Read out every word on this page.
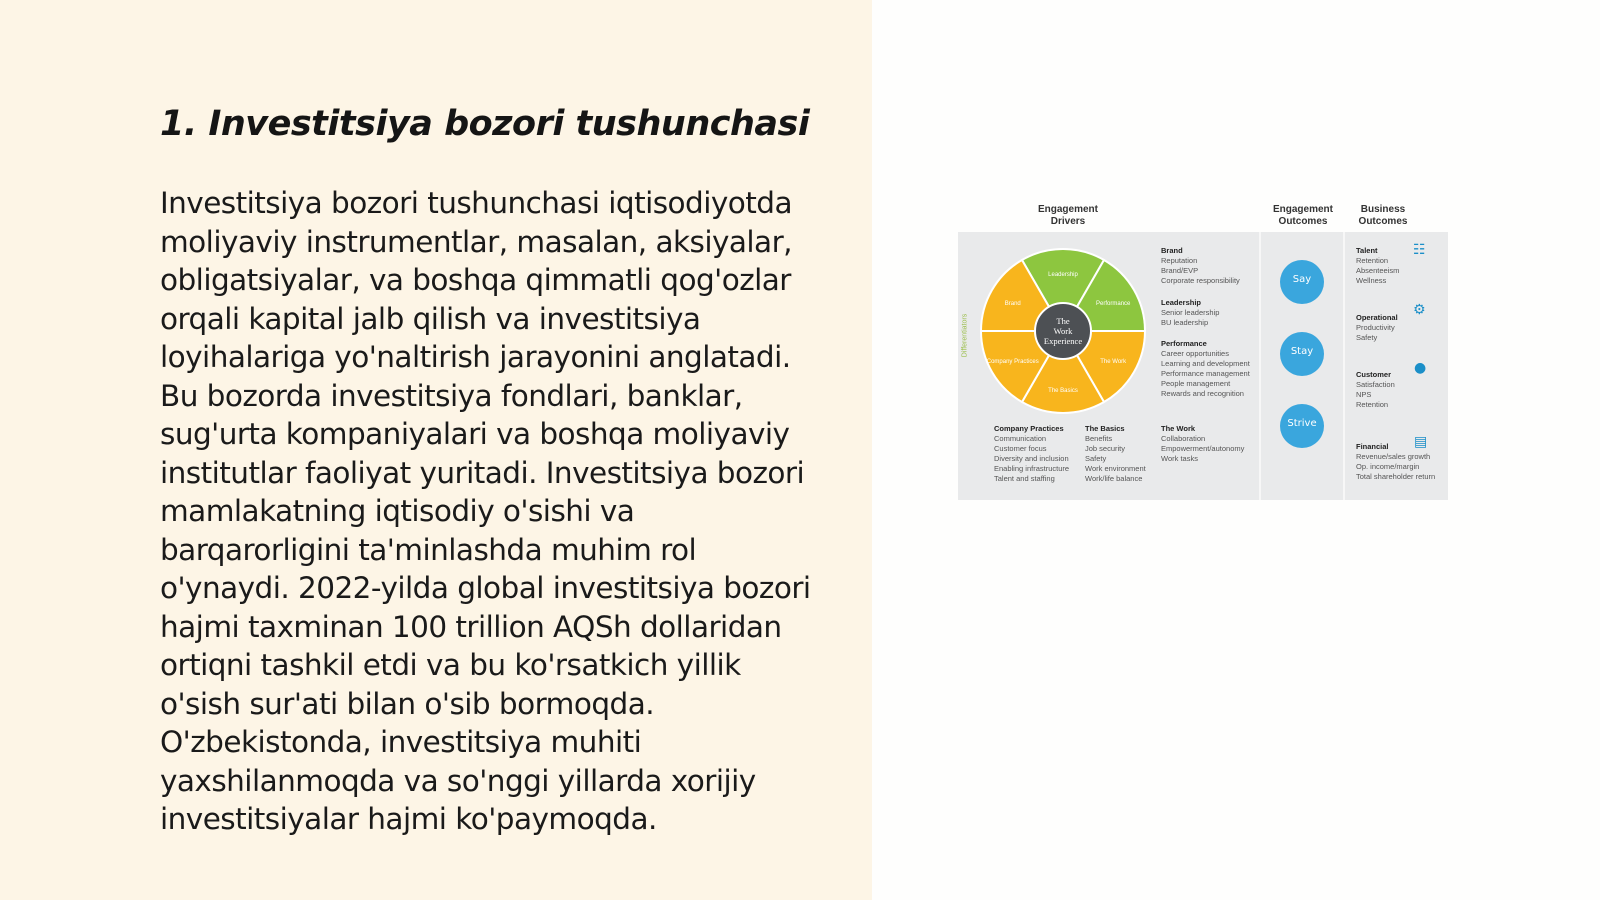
1. Investitsiya bozori tushunchasi
Investitsiya bozori tushunchasi iqtisodiyotda
moliyaviy instrumentlar, masalan, aksiyalar,
obligatsiyalar, va boshqa qimmatli qog'ozlar
orqali kapital jalb qilish va investitsiya
loyihalariga yo'naltirish jarayonini anglatadi.
Bu bozorda investitsiya fondlari, banklar,
sug'urta kompaniyalari va boshqa moliyaviy
institutlar faoliyat yuritadi. Investitsiya bozori
mamlakatning iqtisodiy o'sishi va
barqarorligini ta'minlashda muhim rol
o'ynaydi. 2022-yilda global investitsiya bozori
hajmi taxminan 100 trillion AQSh dollaridan
ortiqni tashkil etdi va bu ko'rsatkich yillik
o'sish sur'ati bilan o'sib bormoqda.
O'zbekistonda, investitsiya muhiti
yaxshilanmoqda va so'nggi yillarda xorijiy
investitsiyalar hajmi ko'paymoqda.
Engagement
Drivers
Engagement
Outcomes
Business
Outcomes
Differentiators
Leadership
Performance
The Work
The Basics
Company Practices
Brand
The
Work
Experience
Brand
Reputation
Brand/EVP
Corporate responsibility
Leadership
Senior leadership
BU leadership
Performance
Career opportunities
Learning and development
Performance management
People management
Rewards and recognition
Company Practices
Communication
Customer focus
Diversity and inclusion
Enabling infrastructure
Talent and staffing
The Basics
Benefits
Job security
Safety
Work environment
Work/life balance
The Work
Collaboration
Empowerment/autonomy
Work tasks
Say
Stay
Strive
Talent
Retention
Absenteeism
Wellness
☷
Operational
Productivity
Safety
⚙
Customer
Satisfaction
NPS
Retention
●
Financial
Revenue/sales growth
Op. income/margin
Total shareholder return
▤
